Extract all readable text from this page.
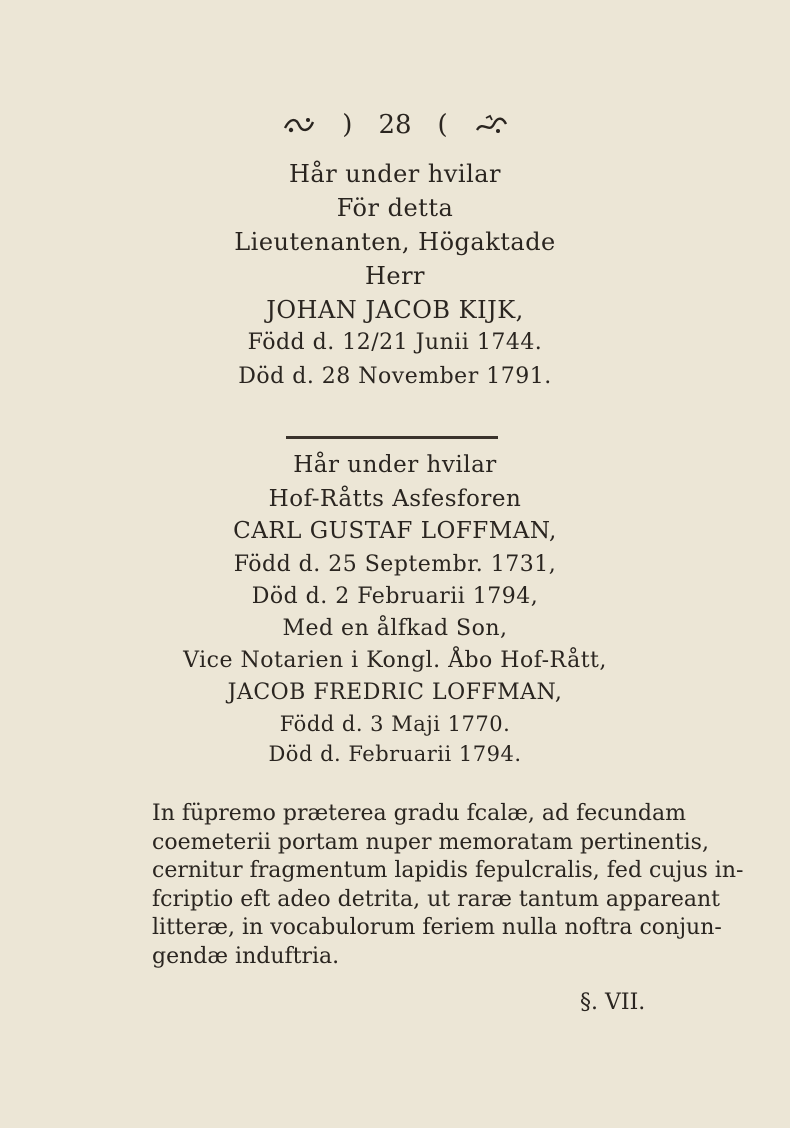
) 28 (
Hår under hvilar
För detta
Lieutenanten, Högaktade
Herr
JOHAN JACOB KIJK,
Född d. 12/21 Junii 1744.
Död d. 28 November 1791.
Hår under hvilar
Hof-Råtts Asfesforen
CARL GUSTAF LOFFMAN,
Född d. 25 Septembr. 1731,
Död d. 2 Februarii 1794,
Med en ålfkad Son,
Vice Notarien i Kongl. Åbo Hof-Rått,
JACOB FREDRIC LOFFMAN,
Född d. 3 Maji 1770.
Död d. Februarii 1794.
In füpremo præterea gradu fcalæ, ad fecundam
coemeterii portam nuper memoratam pertinentis,
cernitur fragmentum lapidis fepulcralis, fed cujus in-
fcriptio eft adeo detrita, ut raræ tantum appareant
litteræ, in vocabulorum feriem nulla noftra conjun-
gendæ induftria.
§. VII.
